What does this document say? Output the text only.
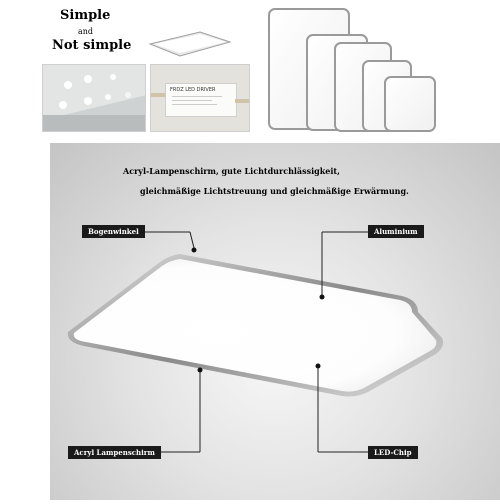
Simple
and
Not simple
FRDZ LED DRIVER
Acryl-Lampenschirm, gute Lichtdurchlässigkeit,
gleichmäßige Lichtstreuung und gleichmäßige Erwärmung.
Bogenwinkel	Aluminium
Acryl Lampenschirm	LED-Chip
